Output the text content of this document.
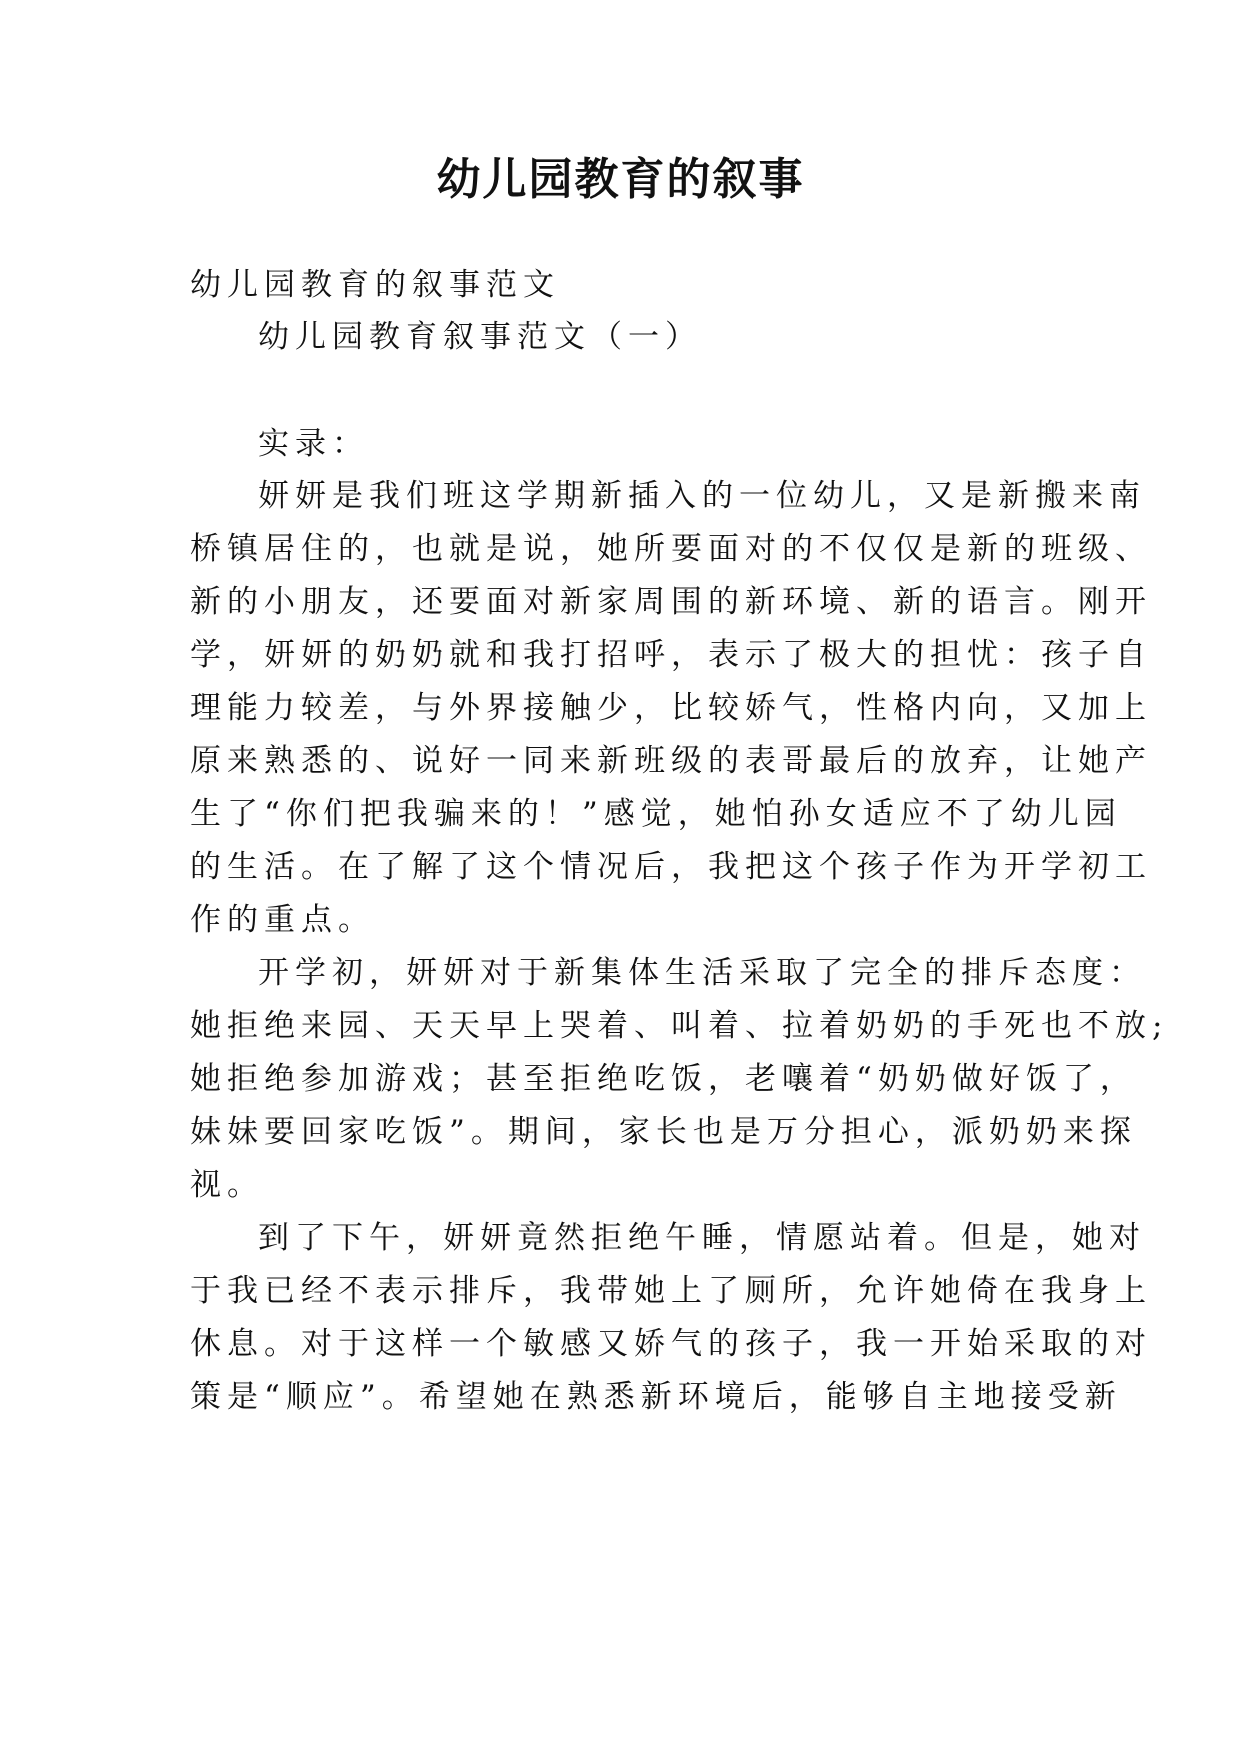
幼儿园教育的叙事
幼儿园教育的叙事范文
幼儿园教育叙事范文（一）
实录：
妍妍是我们班这学期新插入的一位幼儿，又是新搬来南
桥镇居住的，也就是说，她所要面对的不仅仅是新的班级、
新的小朋友，还要面对新家周围的新环境、新的语言。刚开
学，妍妍的奶奶就和我打招呼，表示了极大的担忧：孩子自
理能力较差，与外界接触少，比较娇气，性格内向，又加上
原来熟悉的、说好一同来新班级的表哥最后的放弃，让她产
生了“你们把我骗来的！”感觉，她怕孙女适应不了幼儿园
的生活。在了解了这个情况后，我把这个孩子作为开学初工
作的重点。
开学初，妍妍对于新集体生活采取了完全的排斥态度：
她拒绝来园、天天早上哭着、叫着、拉着奶奶的手死也不放;
她拒绝参加游戏；甚至拒绝吃饭，老嚷着“奶奶做好饭了，
妹妹要回家吃饭”。期间，家长也是万分担心，派奶奶来探
视。
到了下午，妍妍竟然拒绝午睡，情愿站着。但是，她对
于我已经不表示排斥，我带她上了厕所，允许她倚在我身上
休息。对于这样一个敏感又娇气的孩子，我一开始采取的对
策是“顺应”。希望她在熟悉新环境后，能够自主地接受新
